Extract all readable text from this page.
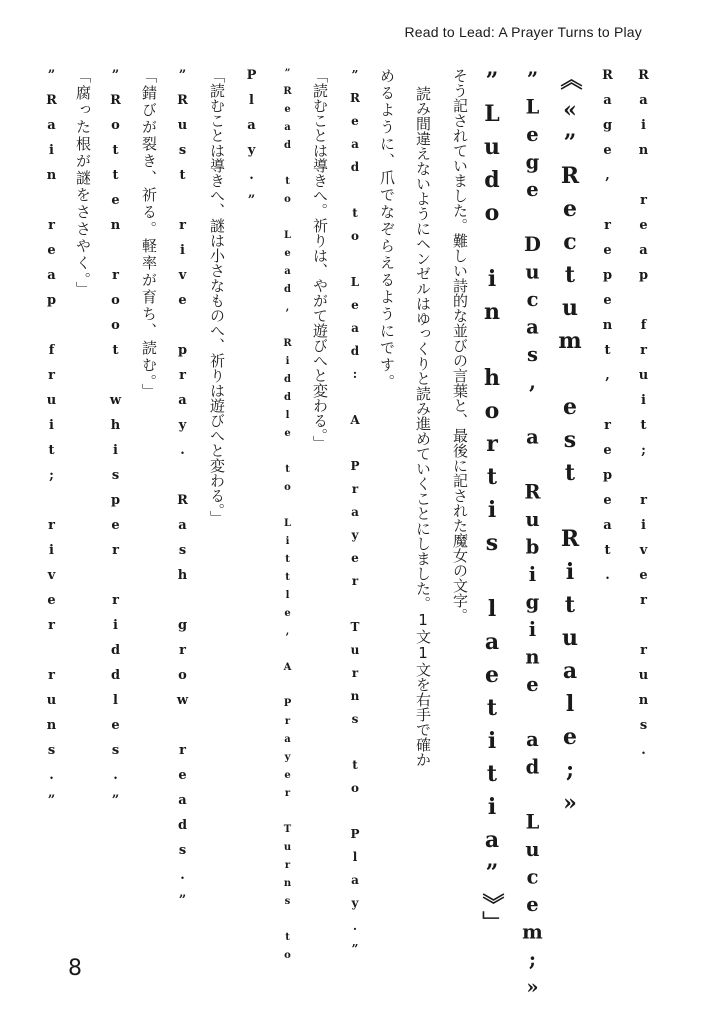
Read to Lead: A Prayer Turns to Play
Rain reap fruit; river runs.
Rage, repent, repeat.
《«”Rectum est Rituale;»
”Lege Ducas, a Rubigine ad Lucem;»
”Ludo in hortis laetitia”》」
そう記されていました。難しい詩的な並びの言葉と、最後に記された魔女の文字。
読み間違えないようにヘンゼルはゆっくりと読み進めていくことにしました。1文1文を右手で確か
めるように、爪でなぞらえるようにです。
”Read to Lead: A Prayer Turns to Play.”
「読むことは導きへ。祈りは、やがて遊びへと変わる。」
”Read to Lead, Riddle to Little, A Prayer Turns to
Play.”
「読むことは導きへ、謎は小さなものへ、祈りは遊びへと変わる。」
”Rust rive pray. Rash grow reads.”
「錆びが裂き、祈る。軽率が育ち、読む。」
”Rotten root whisper riddles.”
「腐った根が謎をささやく。」
”Rain reap fruit; river runs.”
8
